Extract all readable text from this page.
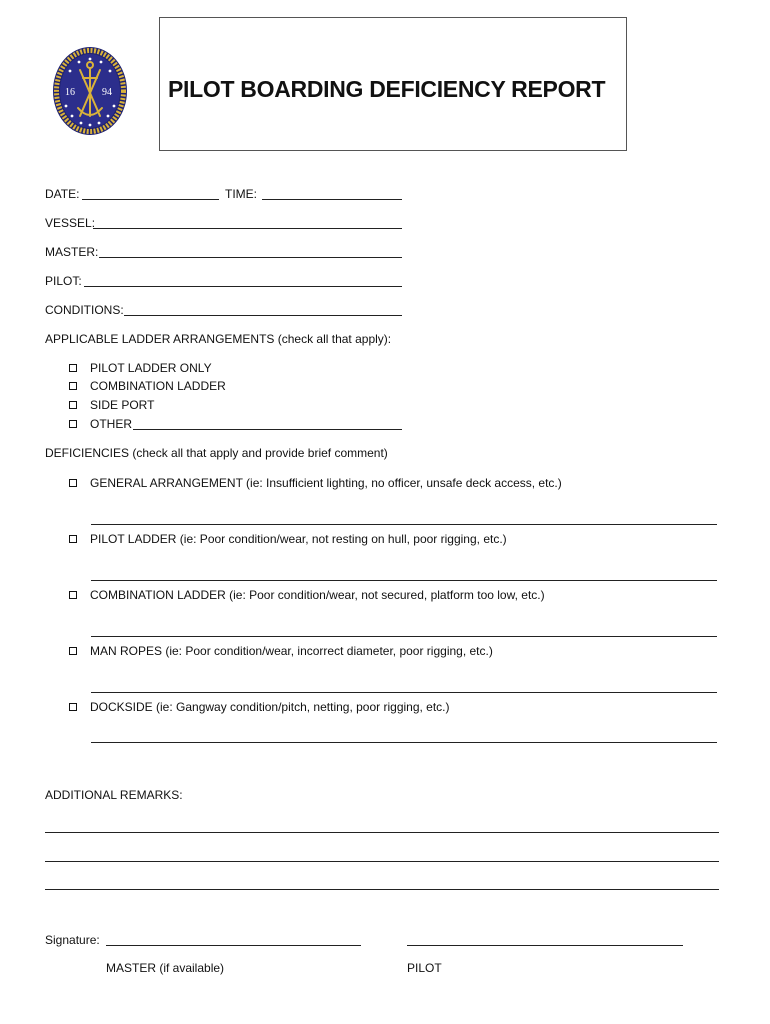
16	94 PILOT BOARDING DEFICIENCY REPORT
DATE:	TIME:
VESSEL:
MASTER:
PILOT:
CONDITIONS:
APPLICABLE LADDER ARRANGEMENTS (check all that apply):
PILOT LADDER ONLY
COMBINATION LADDER
SIDE PORT
OTHER
DEFICIENCIES (check all that apply and provide brief comment)
GENERAL ARRANGEMENT (ie: Insufficient lighting, no officer, unsafe deck access, etc.)
PILOT LADDER (ie: Poor condition/wear, not resting on hull, poor rigging, etc.)
COMBINATION LADDER (ie: Poor condition/wear, not secured, platform too low, etc.)
MAN ROPES (ie: Poor condition/wear, incorrect diameter, poor rigging, etc.)
DOCKSIDE (ie: Gangway condition/pitch, netting, poor rigging, etc.)
ADDITIONAL REMARKS:
Signature:
MASTER (if available)	PILOT
